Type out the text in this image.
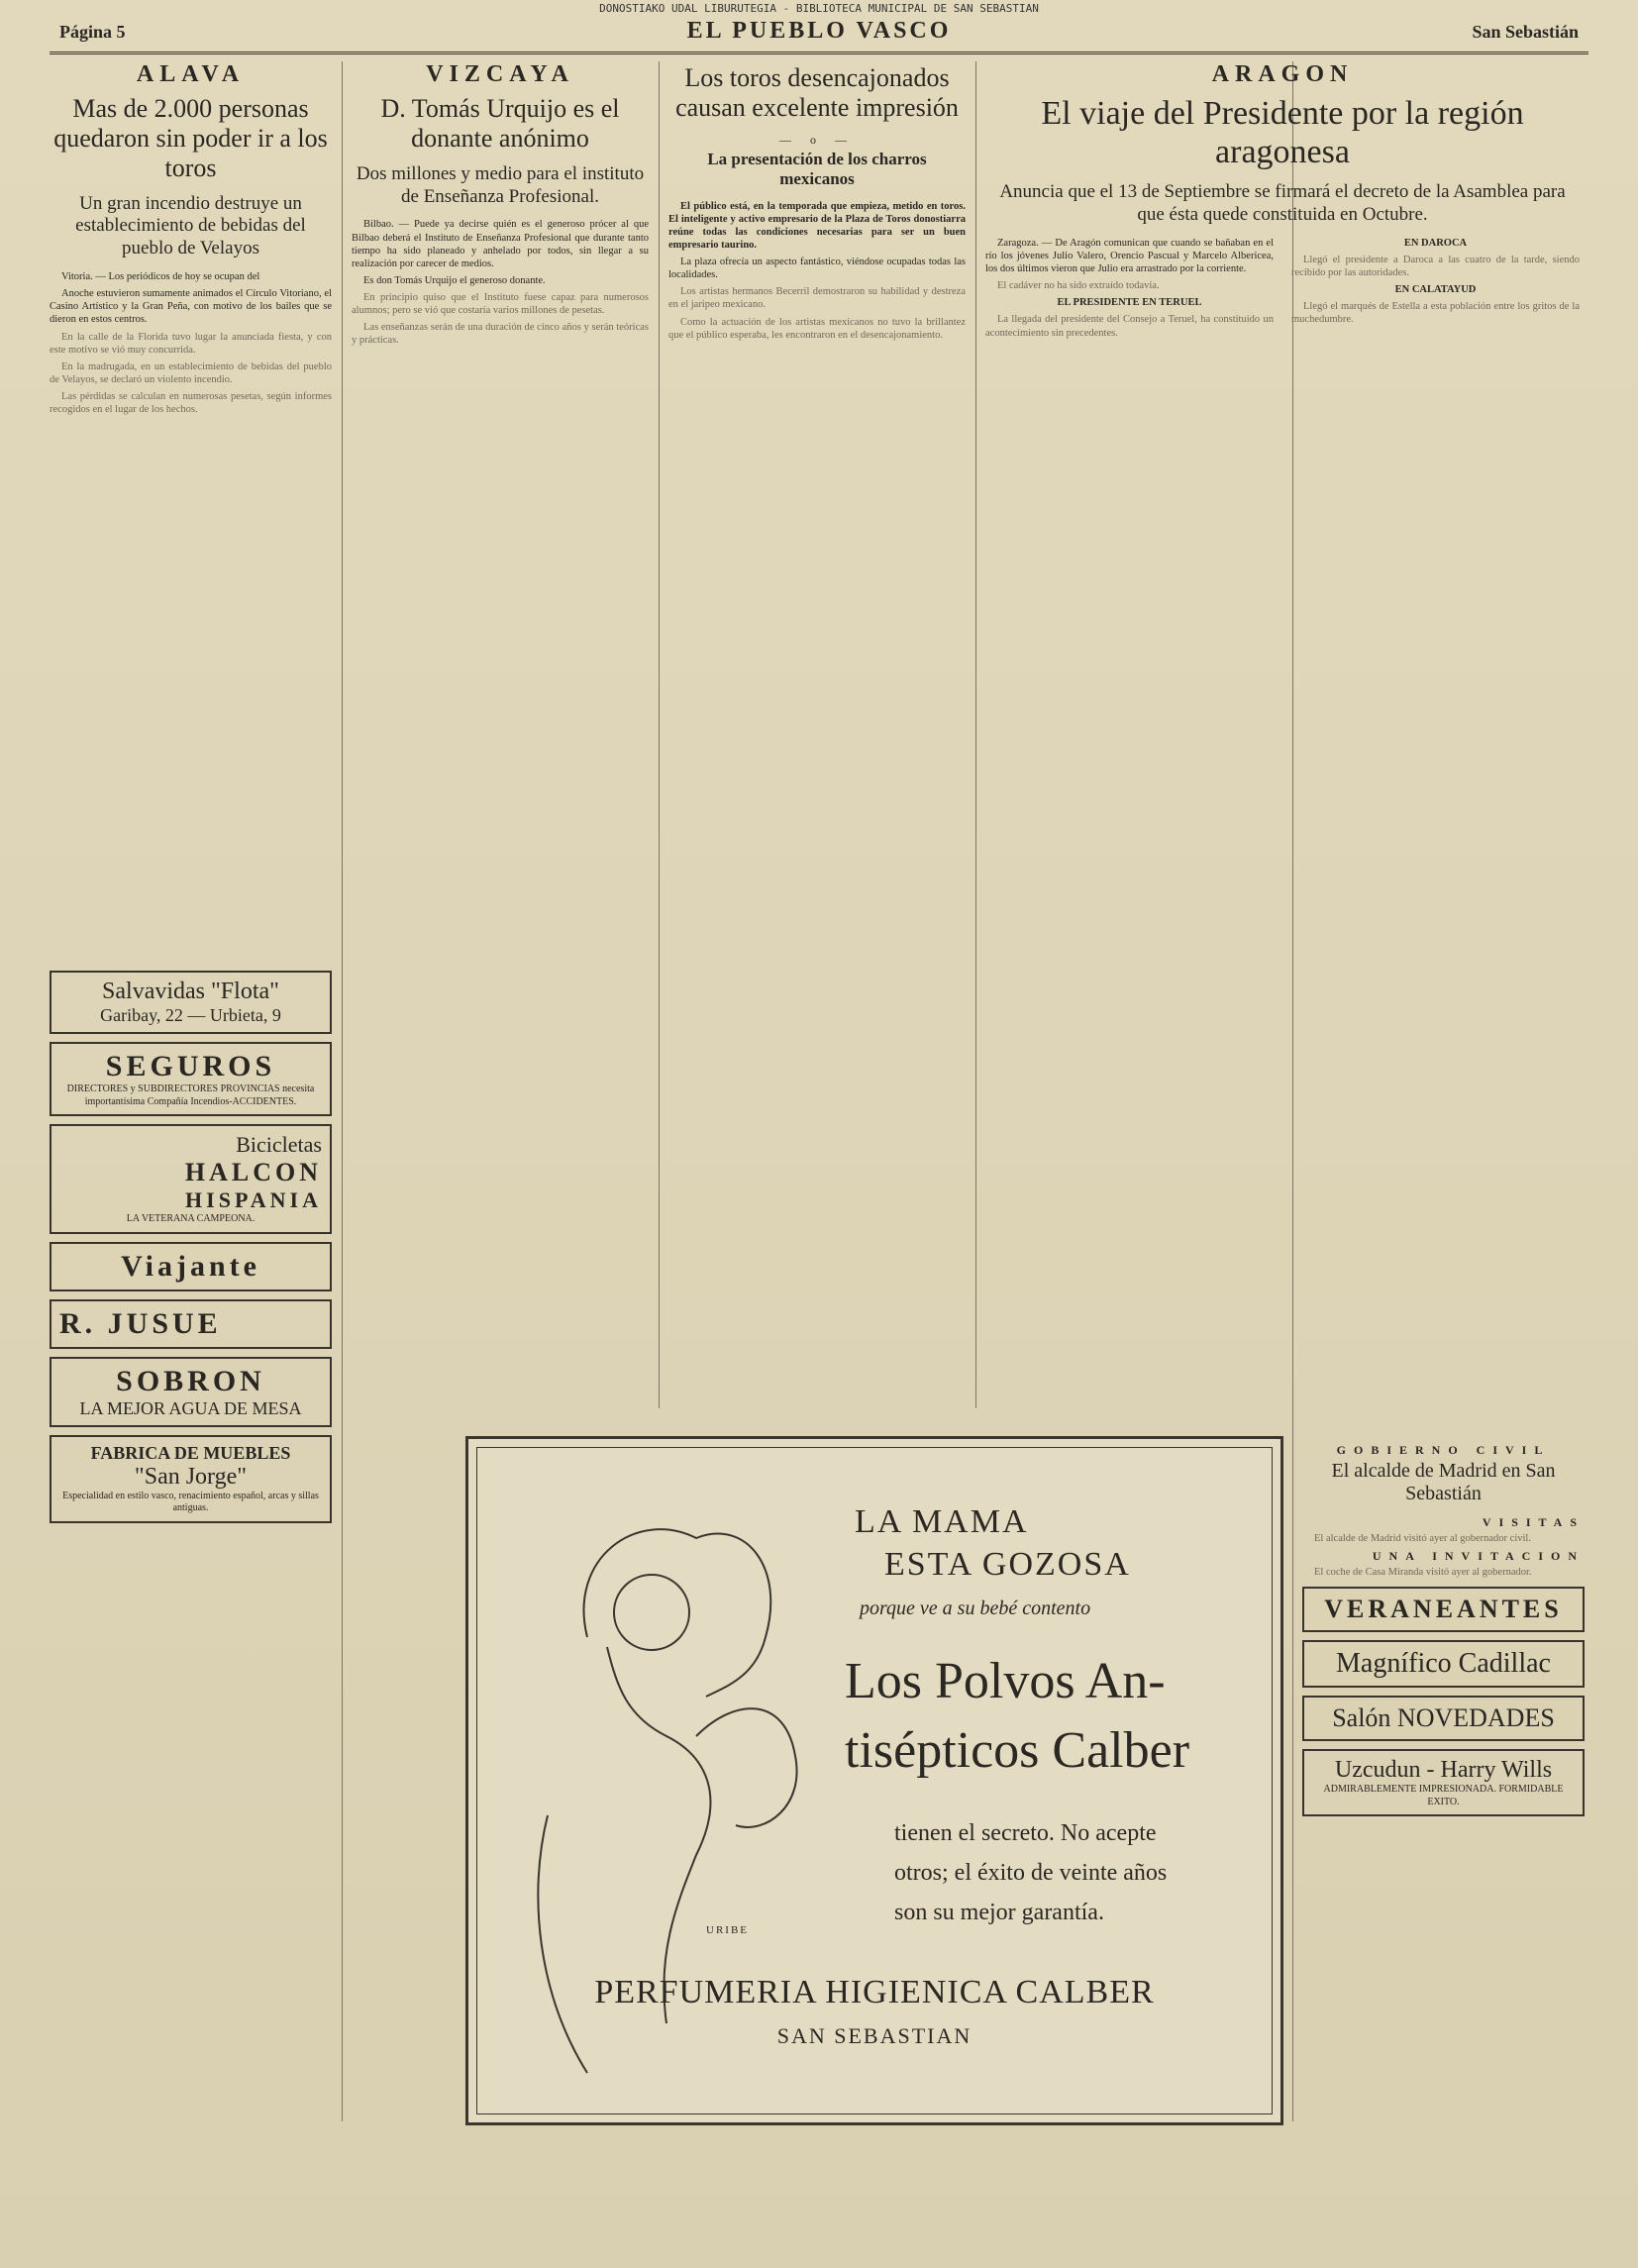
DONOSTIAKO UDAL LIBURUTEGIA - BIBLIOTECA MUNICIPAL DE SAN SEBASTIAN
Página 5	EL PUEBLO VASCO	San Sebastián
ALAVA
Mas de 2.000 personas quedaron sin poder ir a los toros
Un gran incendio destruye un establecimiento de bebidas del pueblo de Velayos

Vitoria. — Los periódicos de hoy se ocupan del

Anoche estuvieron sumamente animados el Círculo Vitoriano, el Casino Artístico y la Gran Peña, con motivo de los bailes que se dieron en estos centros.

En la calle de la Florida tuvo lugar la anunciada fiesta, y con este motivo se vió muy concurrida.

En la madrugada, en un establecimiento de bebidas del pueblo de Velayos, se declaró un violento incendio.

Las pérdidas se calculan en numerosas pesetas, según informes recogidos en el lugar de los hechos.

Salvavidas "Flota"
Garibay, 22 — Urbieta, 9
SEGUROS
DIRECTORES y SUBDIRECTORES PROVINCIAS necesita importantísima Compañía Incendios-ACCIDENTES.
Bicicletas
HALCON
HISPANIA
LA VETERANA CAMPEONA.
Viajante
R. JUSUE
SOBRON
LA MEJOR AGUA DE MESA
FABRICA DE MUEBLES
"San Jorge"
Especialidad en estilo vasco, renacimiento español, arcas y sillas antiguas.
VIZCAYA
D. Tomás Urquijo es el donante anónimo
Dos millones y medio para el instituto de Enseñanza Profesional.

Bilbao. — Puede ya decirse quién es el generoso prócer al que Bilbao deberá el Instituto de Enseñanza Profesional que durante tanto tiempo ha sido planeado y anhelado por todos, sin llegar a su realización por carecer de medios.

Es don Tomás Urquijo el generoso donante.

En principio quiso que el Instituto fuese capaz para numerosos alumnos; pero se vió que costaría varios millones de pesetas.

Las enseñanzas serán de una duración de cinco años y serán teóricas y prácticas.

Los toros desencajonados causan excelente impresión
— o —
La presentación de los charros mexicanos

El público está, en la temporada que empieza, metido en toros. El inteligente y activo empresario de la Plaza de Toros donostiarra reúne todas las condiciones necesarias para ser un buen empresario taurino.

La plaza ofrecía un aspecto fantástico, viéndose ocupadas todas las localidades.

Los artistas hermanos Becerril demostraron su habilidad y destreza en el jaripeo mexicano.

Como la actuación de los artistas mexicanos no tuvo la brillantez que el público esperaba, les encontraron en el desencajonamiento.

ARAGON
El viaje del Presidente por la región aragonesa
Anuncia que el 13 de Septiembre se firmará el decreto de la Asamblea para que ésta quede constituida en Octubre.

Zaragoza. — De Aragón comunican que cuando se bañaban en el río los jóvenes Julio Valero, Orencio Pascual y Marcelo Albericea, los dos últimos vieron que Julio era arrastrado por la corriente.

El cadáver no ha sido extraído todavía.

EL PRESIDENTE EN TERUEL

La llegada del presidente del Consejo a Teruel, ha constituído un acontecimiento sin precedentes.

EN DAROCA

Llegó el presidente a Daroca a las cuatro de la tarde, siendo recibido por las autoridades.

EN CALATAYUD

Llegó el marqués de Estella a esta población entre los gritos de la muchedumbre.

LA MAMA
ESTA GOZOSA
porque ve a su bebé contento
Los Polvos An-
tisépticos Calber
tienen el secreto. No acepte
otros; el éxito de veinte años
son su mejor garantía.
URIBE
PERFUMERIA HIGIENICA CALBER
SAN SEBASTIAN
GOBIERNO CIVIL
El alcalde de Madrid en San Sebastián
VISITAS

El alcalde de Madrid visitó ayer al gobernador civil.

UNA INVITACION

El coche de Casa Miranda visitó ayer al gobernador.

VERANEANTES
Magnífico Cadillac
Salón NOVEDADES
Uzcudun - Harry Wills
ADMIRABLEMENTE IMPRESIONADA. FORMIDABLE EXITO.
